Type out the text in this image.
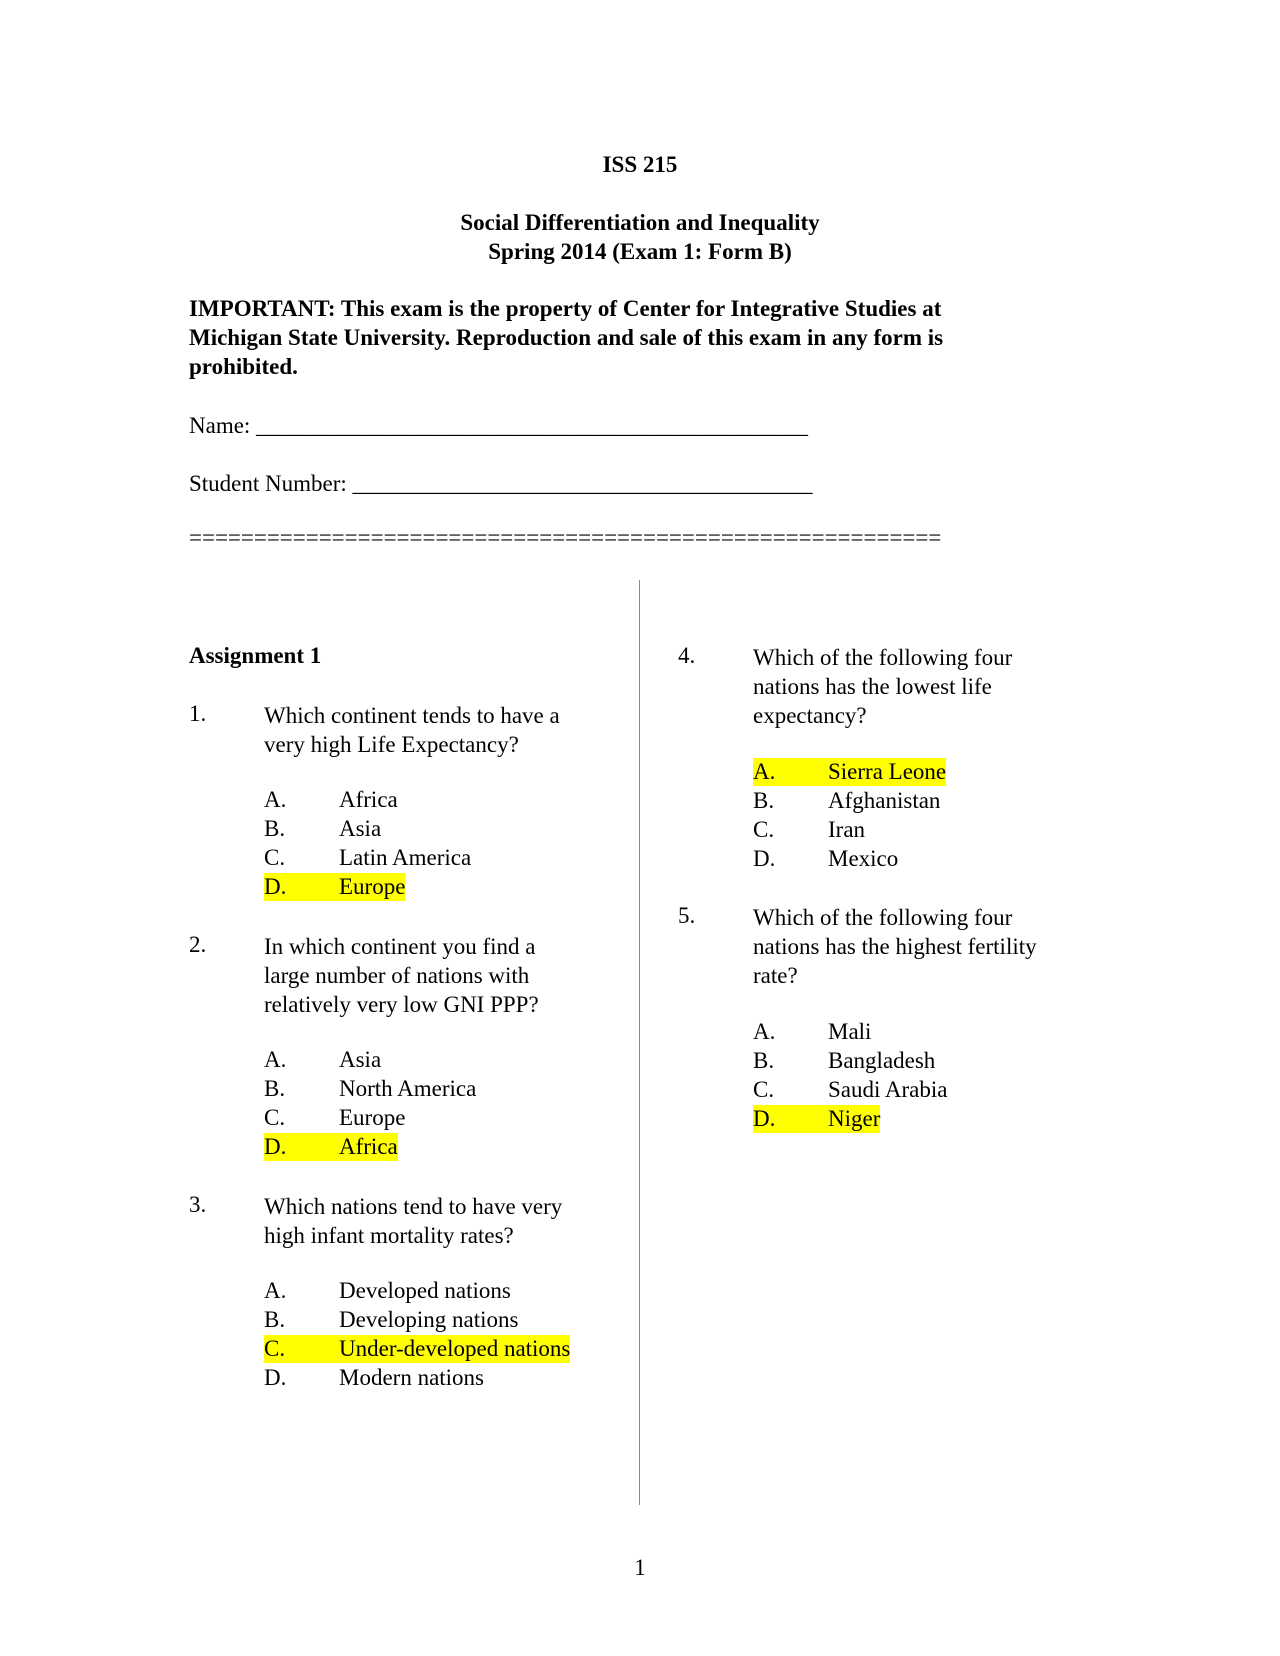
ISS 215
Social Differentiation and Inequality
Spring 2014 (Exam 1: Form B)
IMPORTANT: This exam is the property of Center for Integrative Studies at
Michigan State University. Reproduction and sale of this exam in any form is
prohibited.
Name: ________________________________________________
Student Number: ________________________________________
==========================================================
Assignment 1
1.	Which continent tends to have a
very high Life Expectancy?
A.	Africa
B.	Asia
C.	Latin America
D.	Europe
2.	In which continent you find a
large number of nations with
relatively very low GNI PPP?
A.	Asia
B.	North America
C.	Europe
D.	Africa
3.	Which nations tend to have very
high infant mortality rates?
A.	Developed nations
B.	Developing nations
C.	Under-developed nations
D.	Modern nations
4.	Which of the following four
nations has the lowest life
expectancy?
A.	Sierra Leone
B.	Afghanistan
C.	Iran
D.	Mexico
5.	Which of the following four
nations has the highest fertility
rate?
A.	Mali
B.	Bangladesh
C.	Saudi Arabia
D.	Niger
1
